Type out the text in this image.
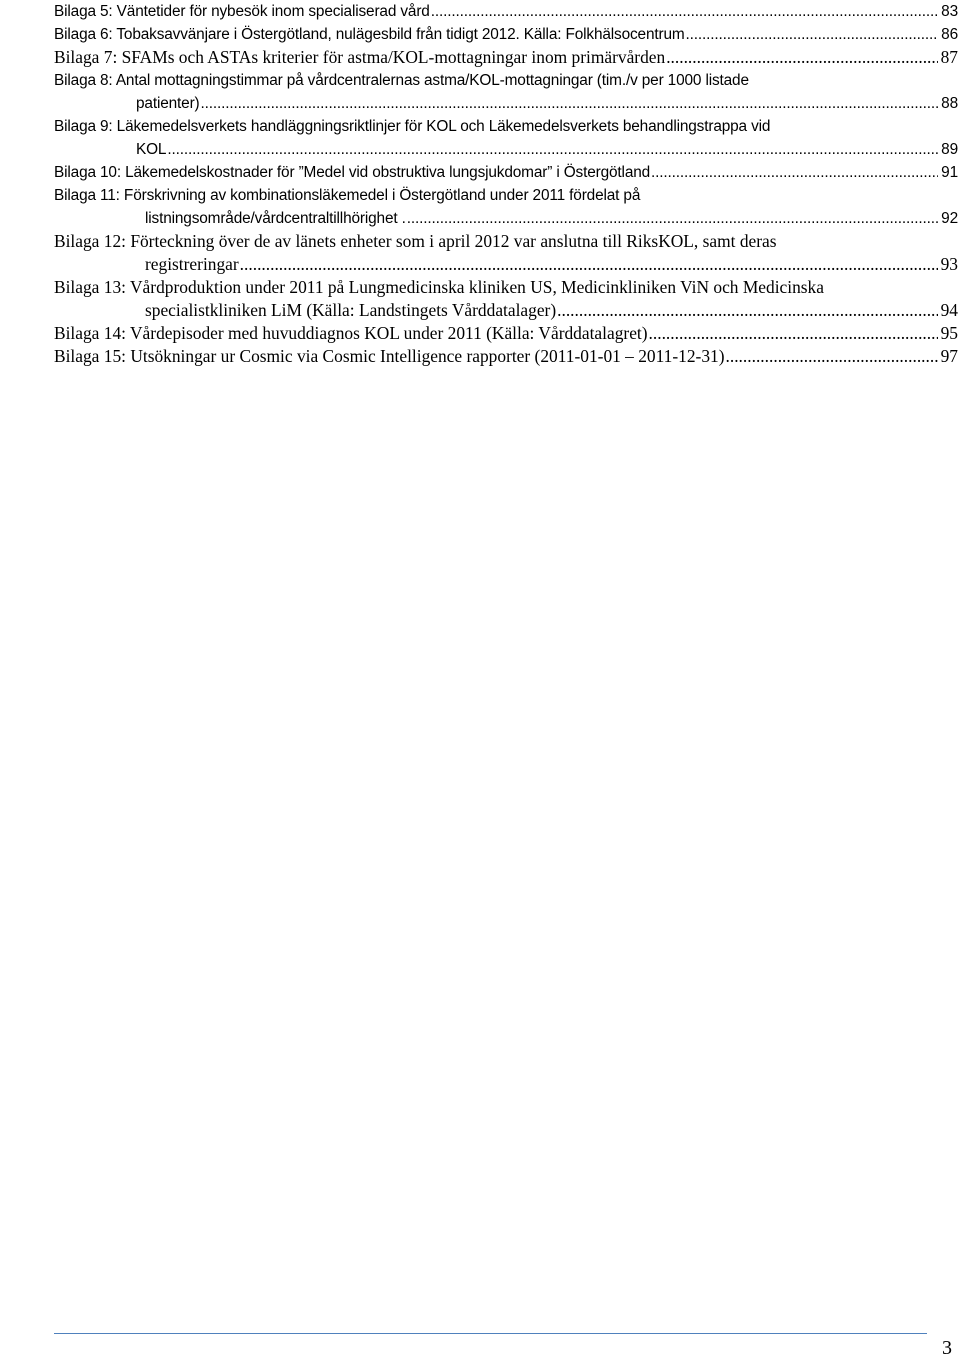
Bilaga 5: Väntetider för nybesök inom specialiserad vård .....	83
Bilaga 6: Tobaksavvänjare i Östergötland, nulägesbild från tidigt 2012. Källa: Folkhälsocentrum .....	86
Bilaga 7: SFAMs och ASTAs kriterier för astma/KOL-mottagningar inom primärvården .....	87
Bilaga 8: Antal mottagningstimmar på vårdcentralernas astma/KOL-mottagningar (tim./v per 1000 listade
patienter) .....	88
Bilaga 9: Läkemedelsverkets handläggningsriktlinjer för KOL och Läkemedelsverkets behandlingstrappa vid
KOL .....	89
Bilaga 10: Läkemedelskostnader för ”Medel vid obstruktiva lungsjukdomar” i Östergötland .....	91
Bilaga 11: Förskrivning av kombinationsläkemedel i Östergötland under 2011 fördelat på
listningsområde/vårdcentraltillhörighet . .....	92
Bilaga 12: Förteckning över de av länets enheter som i april 2012 var anslutna till RiksKOL, samt deras
registreringar .....	93
Bilaga 13: Vårdproduktion under 2011 på Lungmedicinska kliniken US, Medicinkliniken ViN och Medicinska
specialistkliniken LiM (Källa: Landstingets Vårddatalager) .....	94
Bilaga 14: Vårdepisoder med huvuddiagnos KOL under 2011 (Källa: Vårddatalagret) .....	95
Bilaga 15: Utsökningar ur Cosmic via Cosmic Intelligence rapporter (2011-01-01 – 2011-12-31) .....	97
3
